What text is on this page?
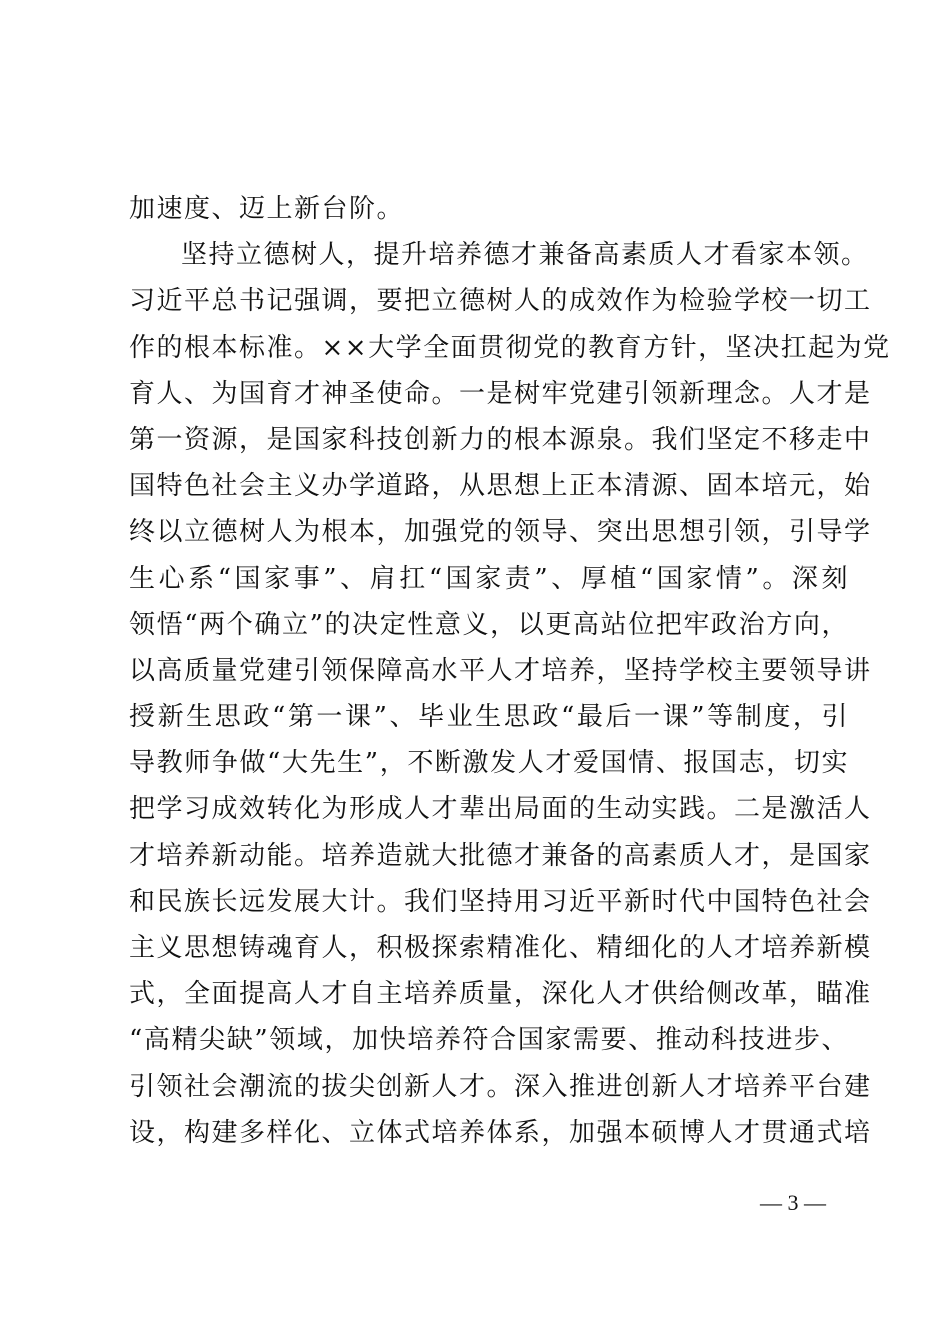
加速度、迈上新台阶。
坚持立德树人，提升培养德才兼备高素质人才看家本领。
习近平总书记强调，要把立德树人的成效作为检验学校一切工
作的根本标准。××大学全面贯彻党的教育方针，坚决扛起为党
育人、为国育才神圣使命。一是树牢党建引领新理念。人才是
第一资源，是国家科技创新力的根本源泉。我们坚定不移走中
国特色社会主义办学道路，从思想上正本清源、固本培元，始
终以立德树人为根本，加强党的领导、突出思想引领，引导学
生心系“国家事”、肩扛“国家责”、厚植“国家情”。深刻
领悟“两个确立”的决定性意义，以更高站位把牢政治方向，
以高质量党建引领保障高水平人才培养，坚持学校主要领导讲
授新生思政“第一课”、毕业生思政“最后一课”等制度，引
导教师争做“大先生”，不断激发人才爱国情、报国志，切实
把学习成效转化为形成人才辈出局面的生动实践。二是激活人
才培养新动能。培养造就大批德才兼备的高素质人才，是国家
和民族长远发展大计。我们坚持用习近平新时代中国特色社会
主义思想铸魂育人，积极探索精准化、精细化的人才培养新模
式，全面提高人才自主培养质量，深化人才供给侧改革，瞄准
“高精尖缺”领域，加快培养符合国家需要、推动科技进步、
引领社会潮流的拔尖创新人才。深入推进创新人才培养平台建
设，构建多样化、立体式培养体系，加强本硕博人才贯通式培
— 3 —
